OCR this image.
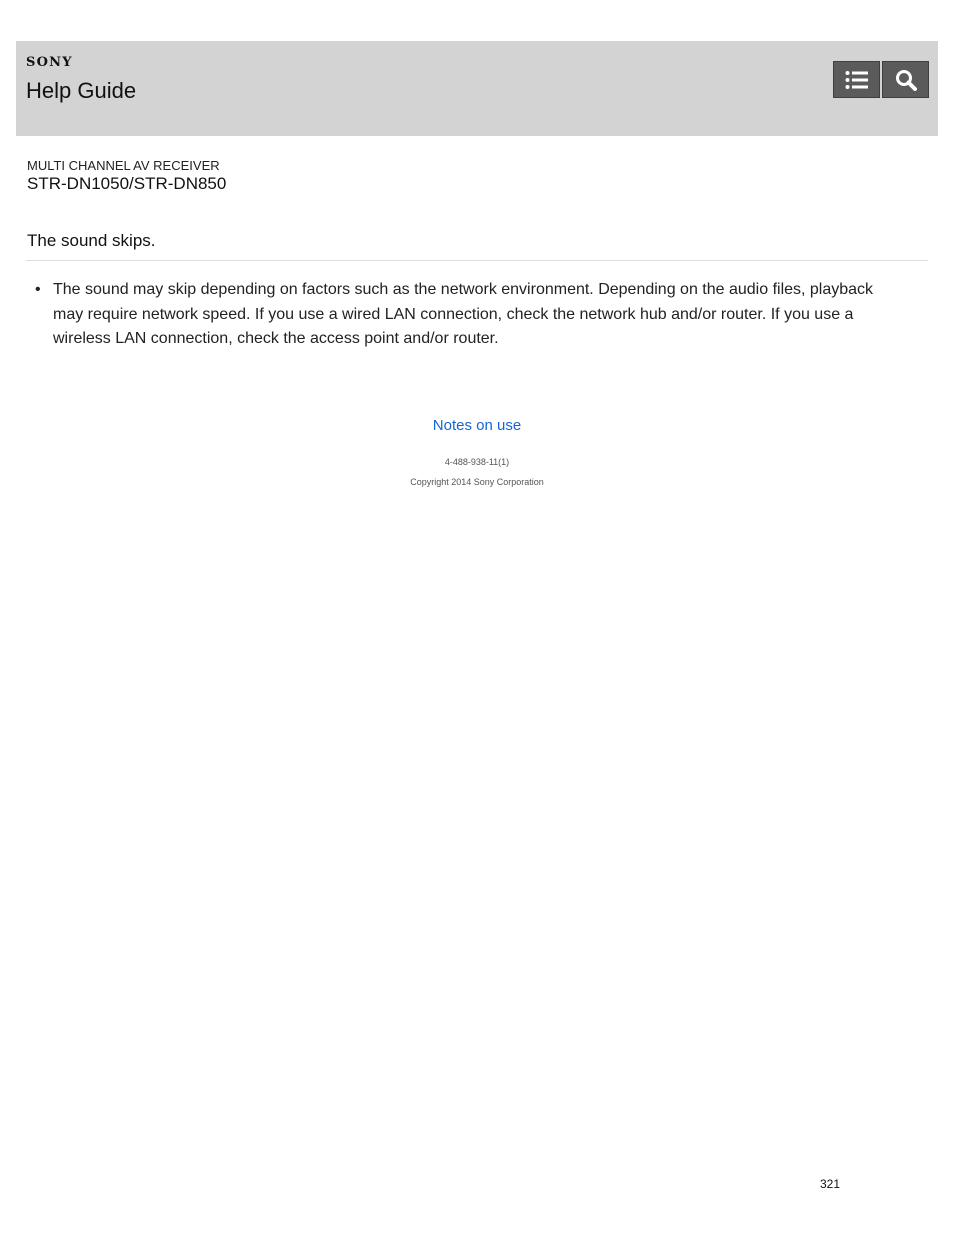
SONY
Help Guide
MULTI CHANNEL AV RECEIVER
STR-DN1050/STR-DN850
The sound skips.
• The sound may skip depending on factors such as the network environment. Depending on the audio files, playback may require network speed. If you use a wired LAN connection, check the network hub and/or router. If you use a wireless LAN connection, check the access point and/or router.
Notes on use
4-488-938-11(1)
Copyright 2014 Sony Corporation
321
